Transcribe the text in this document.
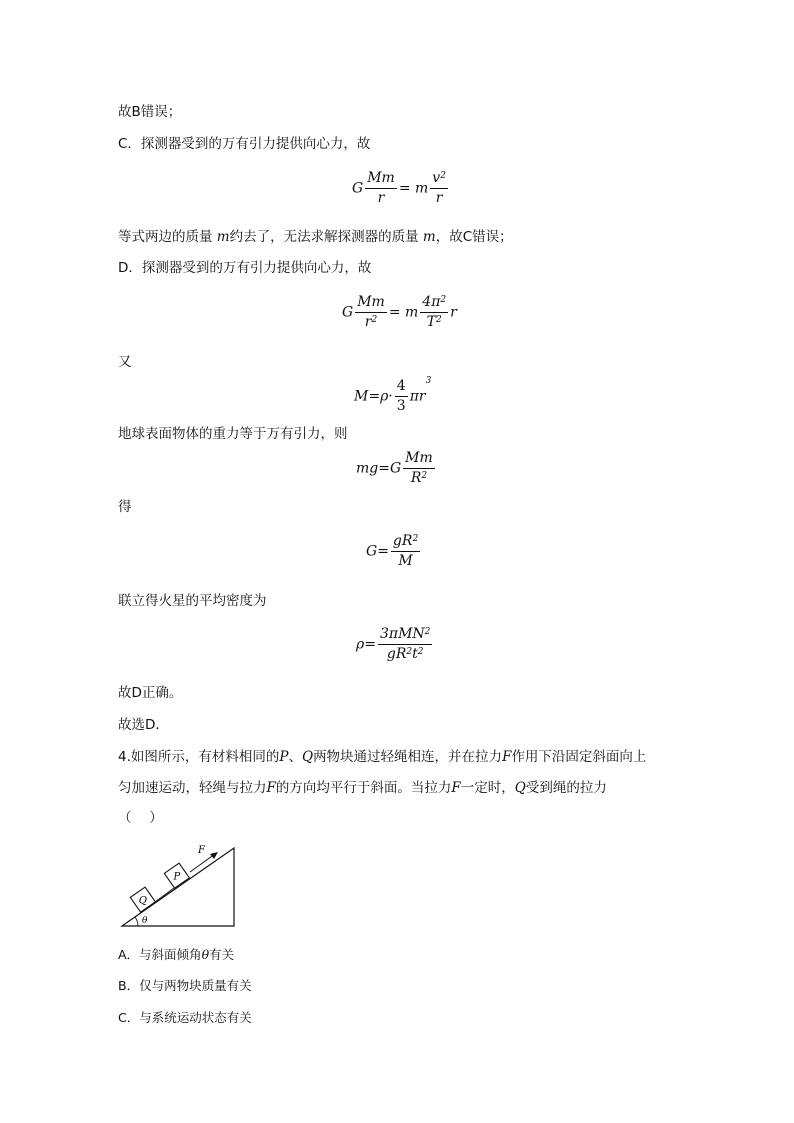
故B错误；
C．探测器受到的万有引力提供向心力，故
G $\frac{Mm}{r} = m \frac{v^2}{r}$
等式两边的质量 m约去了，无法求解探测器的质量 m，故C错误；
D．探测器受到的万有引力提供向心力，故
G $\frac{Mm}{r^2} = m \frac{4\pi^2}{T^2}$ r
又
$M=\rho\cdot \frac{4}{3} \pi r^3$
地球表面物体的重力等于万有引力，则
$mg=G \frac{Mm}{R^2}$
得
$G= \frac{gR^2}{M}$
联立得火星的平均密度为
$\rho= \frac{3\pi MN^2}{gR^2t^2}$
故D正确。
故选D．
4.如图所示，有材料相同的P、Q两物块通过轻绳相连，并在拉力F作用下沿固定斜面向上
匀加速运动，轻绳与拉力F的方向均平行于斜面。当拉力F一定时，Q受到绳的拉力
（　 ）
Q
P
F
θ
A．与斜面倾角θ有关
B．仅与两物块质量有关
C．与系统运动状态有关
